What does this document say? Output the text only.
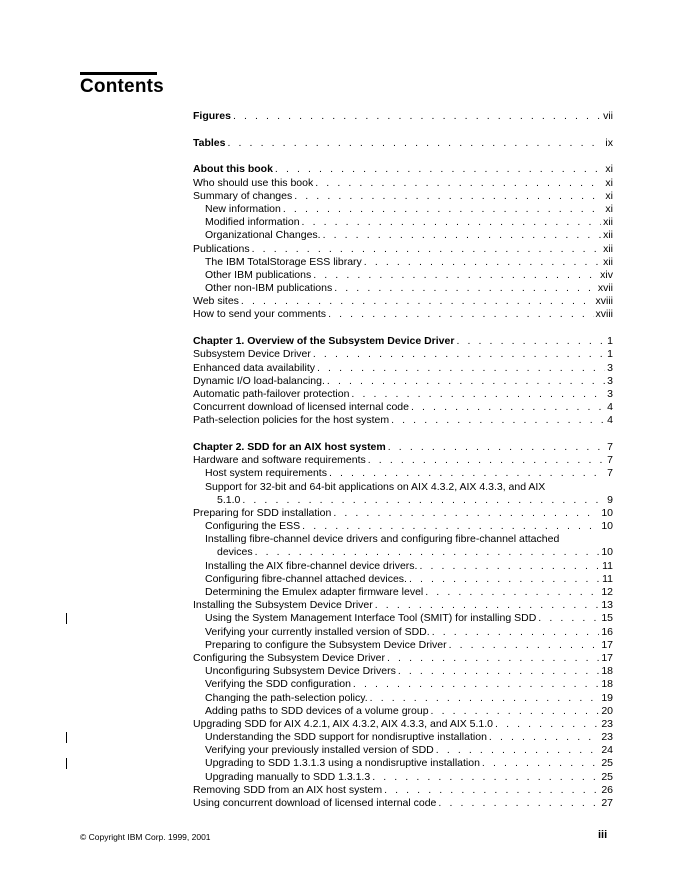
Contents
Figures . . .	vii
Tables . . .	ix
About this book . . .	xi
Who should use this book . . .	xi
Summary of changes . . .	xi
New information . . .	xi
Modified information . . .	xii
Organizational Changes. . . .	xii
Publications . . .	xii
The IBM TotalStorage ESS library . . .	xii
Other IBM publications . . .	xiv
Other non-IBM publications . . .	xvii
Web sites . . .	xviii
How to send your comments . . .	xviii
Chapter 1. Overview of the Subsystem Device Driver . . .	1
Subsystem Device Driver . . .	1
Enhanced data availability . . .	3
Dynamic I/O load-balancing. . . .	3
Automatic path-failover protection . . .	3
Concurrent download of licensed internal code . . .	4
Path-selection policies for the host system . . .	4
Chapter 2. SDD for an AIX host system . . .	7
Hardware and software requirements . . .	7
Host system requirements . . .	7
Support for 32-bit and 64-bit applications on AIX 4.3.2, AIX 4.3.3, and AIX
5.1.0 . . .	9
Preparing for SDD installation . . .	10
Configuring the ESS . . .	10
Installing fibre-channel device drivers and configuring fibre-channel attached
devices . . .	10
Installing the AIX fibre-channel device drivers. . . .	11
Configuring fibre-channel attached devices. . . .	11
Determining the Emulex adapter firmware level . . .	12
Installing the Subsystem Device Driver . . .	13
Using the System Management Interface Tool (SMIT) for installing SDD . . .	15
Verifying your currently installed version of SDD. . . .	16
Preparing to configure the Subsystem Device Driver . . .	17
Configuring the Subsystem Device Driver . . .	17
Unconfiguring Subsystem Device Drivers . . .	18
Verifying the SDD configuration . . .	18
Changing the path-selection policy. . . .	19
Adding paths to SDD devices of a volume group . . .	20
Upgrading SDD for AIX 4.2.1, AIX 4.3.2, AIX 4.3.3, and AIX 5.1.0 . . .	23
Understanding the SDD support for nondisruptive installation . . .	23
Verifying your previously installed version of SDD . . .	24
Upgrading to SDD 1.3.1.3 using a nondisruptive installation . . .	25
Upgrading manually to SDD 1.3.1.3 . . .	25
Removing SDD from an AIX host system . . .	26
Using concurrent download of licensed internal code . . .	27
© Copyright IBM Corp. 1999, 2001	iii
